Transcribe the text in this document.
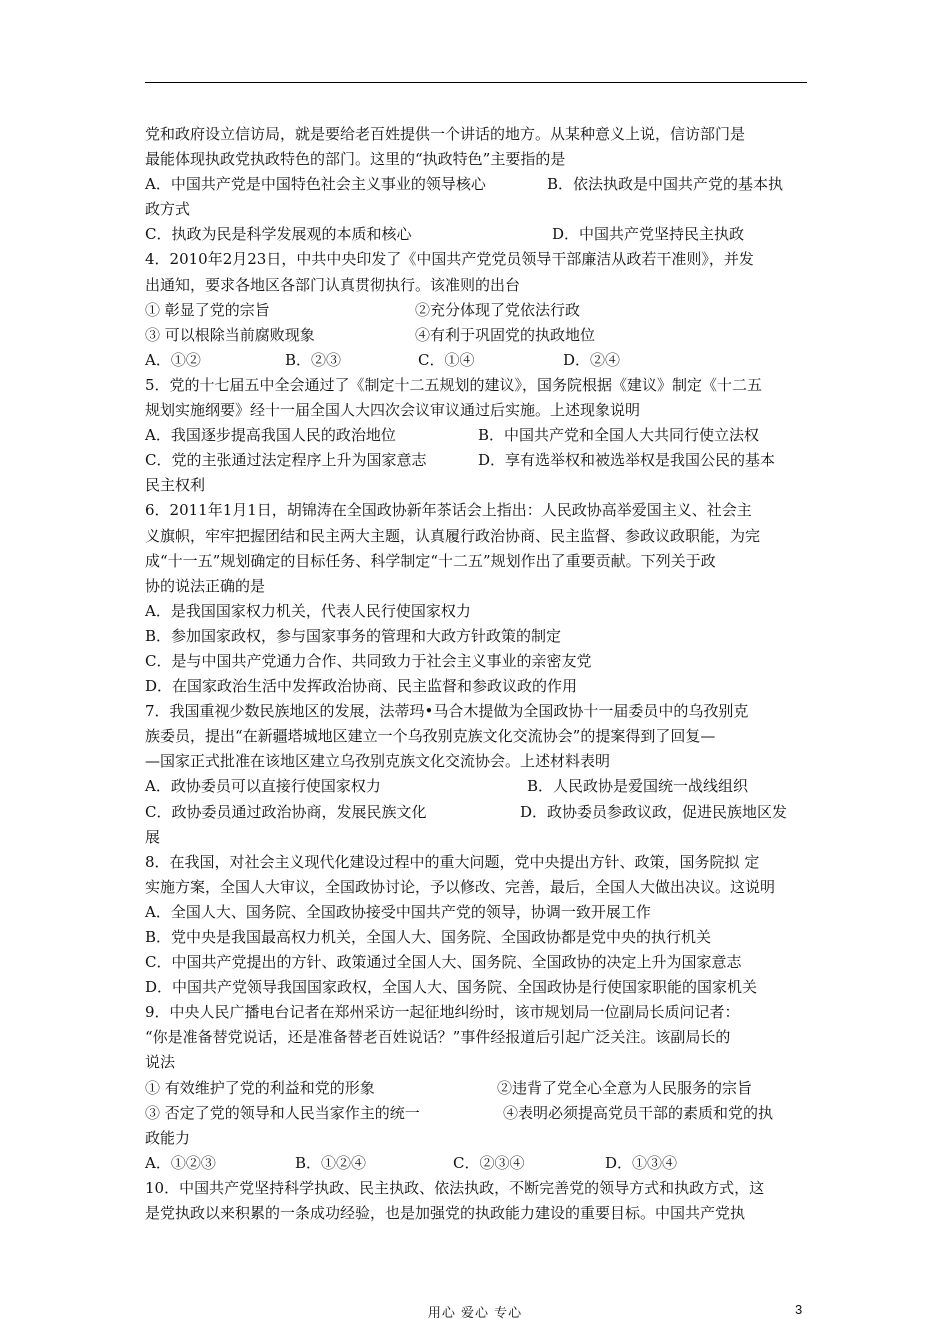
党和政府设立信访局，就是要给老百姓提供一个讲话的地方。从某种意义上说，信访部门是
最能体现执政党执政特色的部门。这里的“执政特色”主要指的是
A．中国共产党是中国特色社会主义事业的领导核心	B．依法执政是中国共产党的基本执
政方式
C．执政为民是科学发展观的本质和核心	D．中国共产党坚持民主执政
4．2010年2月23日，中共中央印发了《中国共产党党员领导干部廉洁从政若干准则》，并发
出通知，要求各地区各部门认真贯彻执行。该准则的出台
① 彰显了党的宗旨	②充分体现了党依法行政
③ 可以根除当前腐败现象	④有利于巩固党的执政地位
A．①②	B．②③	C．①④	D．②④
5．党的十七届五中全会通过了《制定十二五规划的建议》，国务院根据《建议》制定《十二五
规划实施纲要》经十一届全国人大四次会议审议通过后实施。上述现象说明
A．我国逐步提高我国人民的政治地位	B．中国共产党和全国人大共同行使立法权
C．党的主张通过法定程序上升为国家意志	D．享有选举权和被选举权是我国公民的基本
民主权利
6．2011年1月1日，胡锦涛在全国政协新年茶话会上指出：人民政协高举爱国主义、社会主
义旗帜，牢牢把握团结和民主两大主题，认真履行政治协商、民主监督、参政议政职能，为完
成“十一五”规划确定的目标任务、科学制定“十二五”规划作出了重要贡献。下列关于政
协的说法正确的是
A．是我国国家权力机关，代表人民行使国家权力
B．参加国家政权，参与国家事务的管理和大政方针政策的制定
C．是与中国共产党通力合作、共同致力于社会主义事业的亲密友党
D．在国家政治生活中发挥政治协商、民主监督和参政议政的作用
7．我国重视少数民族地区的发展，法蒂玛•马合木提做为全国政协十一届委员中的乌孜别克
族委员，提出“在新疆塔城地区建立一个乌孜别克族文化交流协会”的提案得到了回复—
—国家正式批准在该地区建立乌孜别克族文化交流协会。上述材料表明
A．政协委员可以直接行使国家权力	B．人民政协是爱国统一战线组织
C．政协委员通过政治协商，发展民族文化	D．政协委员参政议政，促进民族地区发
展
8．在我国，对社会主义现代化建设过程中的重大问题，党中央提出方针、政策，国务院拟 定
实施方案，全国人大审议，全国政协讨论，予以修改、完善，最后，全国人大做出决议。这说明
A．全国人大、国务院、全国政协接受中国共产党的领导，协调一致开展工作
B．党中央是我国最高权力机关，全国人大、国务院、全国政协都是党中央的执行机关
C．中国共产党提出的方针、政策通过全国人大、国务院、全国政协的决定上升为国家意志
D．中国共产党领导我国国家政权，全国人大、国务院、全国政协是行使国家职能的国家机关
9．中央人民广播电台记者在郑州采访一起征地纠纷时，该市规划局一位副局长质问记者：
“你是准备替党说话，还是准备替老百姓说话？”事件经报道后引起广泛关注。该副局长的
说法
① 有效维护了党的利益和党的形象	②违背了党全心全意为人民服务的宗旨
③ 否定了党的领导和人民当家作主的统一	④表明必须提高党员干部的素质和党的执
政能力
A．①②③	B．①②④	C．②③④	D．①③④
10．中国共产党坚持科学执政、民主执政、依法执政，不断完善党的领导方式和执政方式，这
是党执政以来积累的一条成功经验，也是加强党的执政能力建设的重要目标。中国共产党执
用心 爱心 专心	3
